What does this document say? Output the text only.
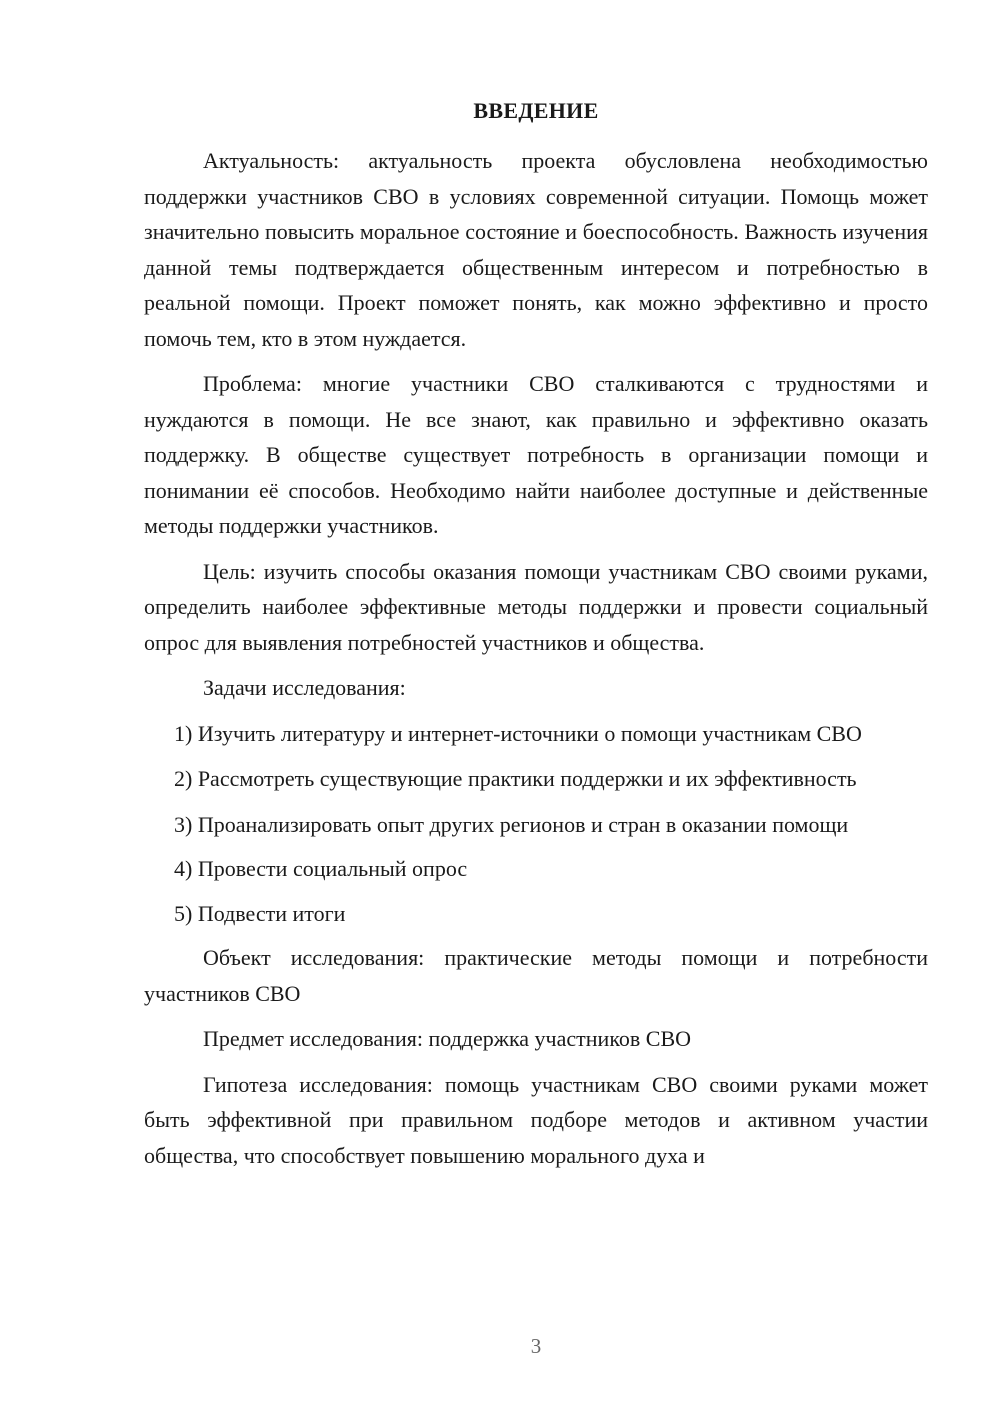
ВВЕДЕНИЕ

Актуальность: актуальность проекта обусловлена необходимостью поддержки участников СВО в условиях современной ситуации. Помощь может значительно повысить моральное состояние и боеспособность. Важность изучения данной темы подтверждается общественным интересом и потребностью в реальной помощи. Проект поможет понять, как можно эффективно и просто помочь тем, кто в этом нуждается.

Проблема: многие участники СВО сталкиваются с трудностями и нуждаются в помощи. Не все знают, как правильно и эффективно оказать поддержку. В обществе существует потребность в организации помощи и понимании её способов. Необходимо найти наиболее доступные и действенные методы поддержки участников.

Цель: изучить способы оказания помощи участникам СВО своими руками, определить наиболее эффективные методы поддержки и провести социальный опрос для выявления потребностей участников и общества.

Задачи исследования:

1) Изучить литературу и интернет-источники о помощи участникам СВО

2) Рассмотреть существующие практики поддержки и их эффективность

3) Проанализировать опыт других регионов и стран в оказании помощи

4) Провести социальный опрос

5) Подвести итоги

Объект исследования: практические методы помощи и потребности участников СВО

Предмет исследования: поддержка участников СВО

Гипотеза исследования: помощь участникам СВО своими руками может быть эффективной при правильном подборе методов и активном участии общества, что способствует повышению морального духа и

3
